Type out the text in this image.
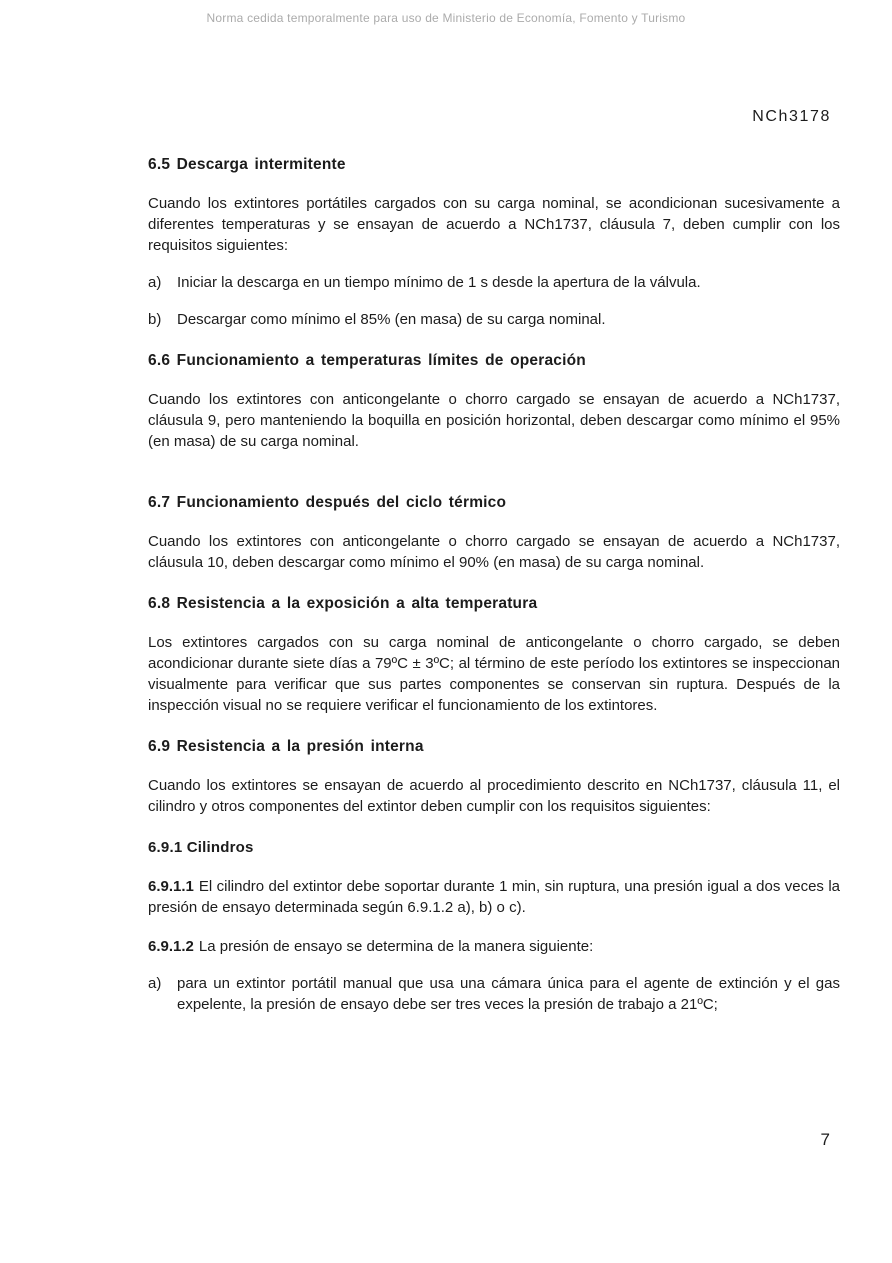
Norma cedida temporalmente para uso de Ministerio de Economía, Fomento y Turismo
NCh3178
6.5 Descarga intermitente

Cuando los extintores portátiles cargados con su carga nominal, se acondicionan sucesivamente a diferentes temperaturas y se ensayan de acuerdo a NCh1737, cláusula 7, deben cumplir con los requisitos siguientes:

a) Iniciar la descarga en un tiempo mínimo de 1 s desde la apertura de la válvula.
b) Descargar como mínimo el 85% (en masa) de su carga nominal.
6.6 Funcionamiento a temperaturas límites de operación

Cuando los extintores con anticongelante o chorro cargado se ensayan de acuerdo a NCh1737, cláusula 9, pero manteniendo la boquilla en posición horizontal, deben descargar como mínimo el 95% (en masa) de su carga nominal.

6.7 Funcionamiento después del ciclo térmico

Cuando los extintores con anticongelante o chorro cargado se ensayan de acuerdo a NCh1737, cláusula 10, deben descargar como mínimo el 90% (en masa) de su carga nominal.

6.8 Resistencia a la exposición a alta temperatura

Los extintores cargados con su carga nominal de anticongelante o chorro cargado, se deben acondicionar durante siete días a 79ºC ± 3ºC; al término de este período los extintores se inspeccionan visualmente para verificar que sus partes componentes se conservan sin ruptura. Después de la inspección visual no se requiere verificar el funcionamiento de los extintores.

6.9 Resistencia a la presión interna

Cuando los extintores se ensayan de acuerdo al procedimiento descrito en NCh1737, cláusula 11, el cilindro y otros componentes del extintor deben cumplir con los requisitos siguientes:

6.9.1 Cilindros

6.9.1.1 El cilindro del extintor debe soportar durante 1 min, sin ruptura, una presión igual a dos veces la presión de ensayo determinada según 6.9.1.2 a), b) o c).

6.9.1.2 La presión de ensayo se determina de la manera siguiente:

a) para un extintor portátil manual que usa una cámara única para el agente de extinción y el gas expelente, la presión de ensayo debe ser tres veces la presión de trabajo a 21ºC;
7
